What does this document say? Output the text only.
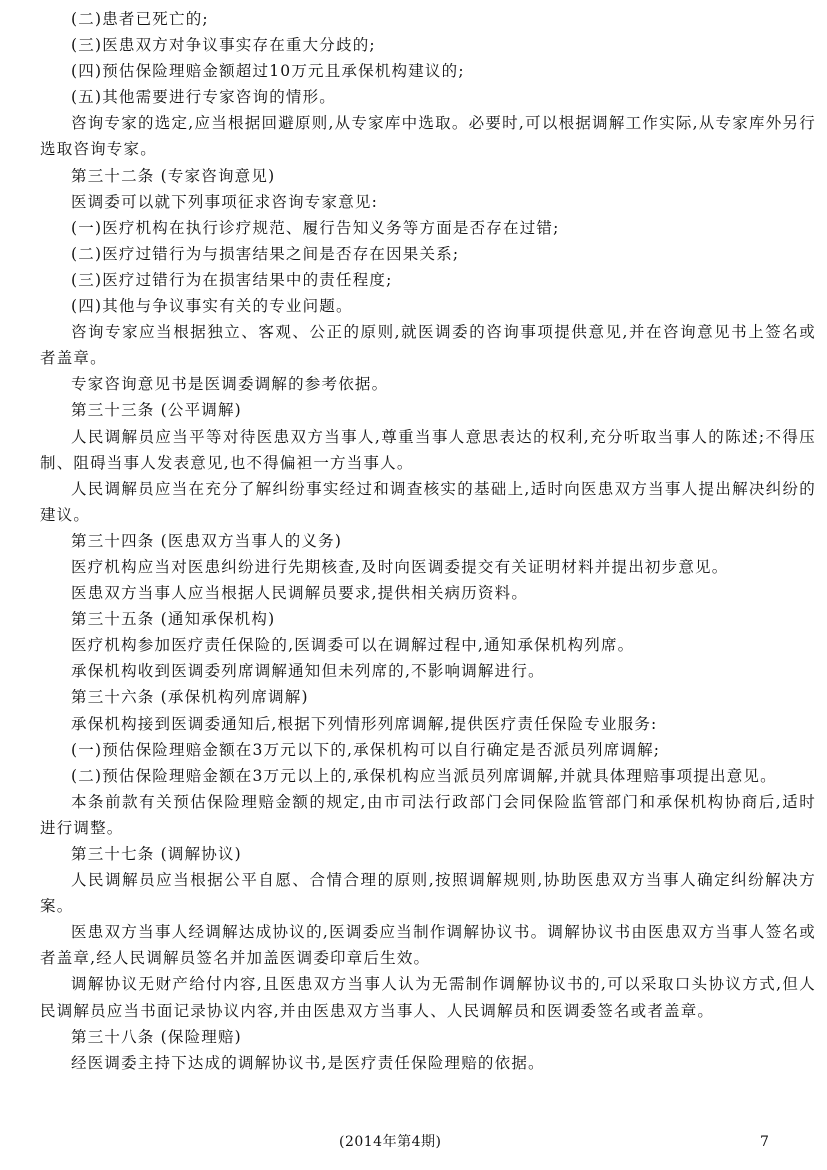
(二)患者已死亡的;

(三)医患双方对争议事实存在重大分歧的;

(四)预估保险理赔金额超过10万元且承保机构建议的;

(五)其他需要进行专家咨询的情形。

咨询专家的选定,应当根据回避原则,从专家库中选取。必要时,可以根据调解工作实际,从专家库外另行选取咨询专家。

第三十二条 (专家咨询意见)

医调委可以就下列事项征求咨询专家意见:

(一)医疗机构在执行诊疗规范、履行告知义务等方面是否存在过错;

(二)医疗过错行为与损害结果之间是否存在因果关系;

(三)医疗过错行为在损害结果中的责任程度;

(四)其他与争议事实有关的专业问题。

咨询专家应当根据独立、客观、公正的原则,就医调委的咨询事项提供意见,并在咨询意见书上签名或者盖章。

专家咨询意见书是医调委调解的参考依据。

第三十三条 (公平调解)

人民调解员应当平等对待医患双方当事人,尊重当事人意思表达的权利,充分听取当事人的陈述;不得压制、阻碍当事人发表意见,也不得偏袒一方当事人。

人民调解员应当在充分了解纠纷事实经过和调查核实的基础上,适时向医患双方当事人提出解决纠纷的建议。

第三十四条 (医患双方当事人的义务)

医疗机构应当对医患纠纷进行先期核查,及时向医调委提交有关证明材料并提出初步意见。

医患双方当事人应当根据人民调解员要求,提供相关病历资料。

第三十五条 (通知承保机构)

医疗机构参加医疗责任保险的,医调委可以在调解过程中,通知承保机构列席。

承保机构收到医调委列席调解通知但未列席的,不影响调解进行。

第三十六条 (承保机构列席调解)

承保机构接到医调委通知后,根据下列情形列席调解,提供医疗责任保险专业服务:

(一)预估保险理赔金额在3万元以下的,承保机构可以自行确定是否派员列席调解;

(二)预估保险理赔金额在3万元以上的,承保机构应当派员列席调解,并就具体理赔事项提出意见。

本条前款有关预估保险理赔金额的规定,由市司法行政部门会同保险监管部门和承保机构协商后,适时进行调整。

第三十七条 (调解协议)

人民调解员应当根据公平自愿、合情合理的原则,按照调解规则,协助医患双方当事人确定纠纷解决方案。

医患双方当事人经调解达成协议的,医调委应当制作调解协议书。调解协议书由医患双方当事人签名或者盖章,经人民调解员签名并加盖医调委印章后生效。

调解协议无财产给付内容,且医患双方当事人认为无需制作调解协议书的,可以采取口头协议方式,但人民调解员应当书面记录协议内容,并由医患双方当事人、人民调解员和医调委签名或者盖章。

第三十八条 (保险理赔)

经医调委主持下达成的调解协议书,是医疗责任保险理赔的依据。

(2014年第4期)	7
